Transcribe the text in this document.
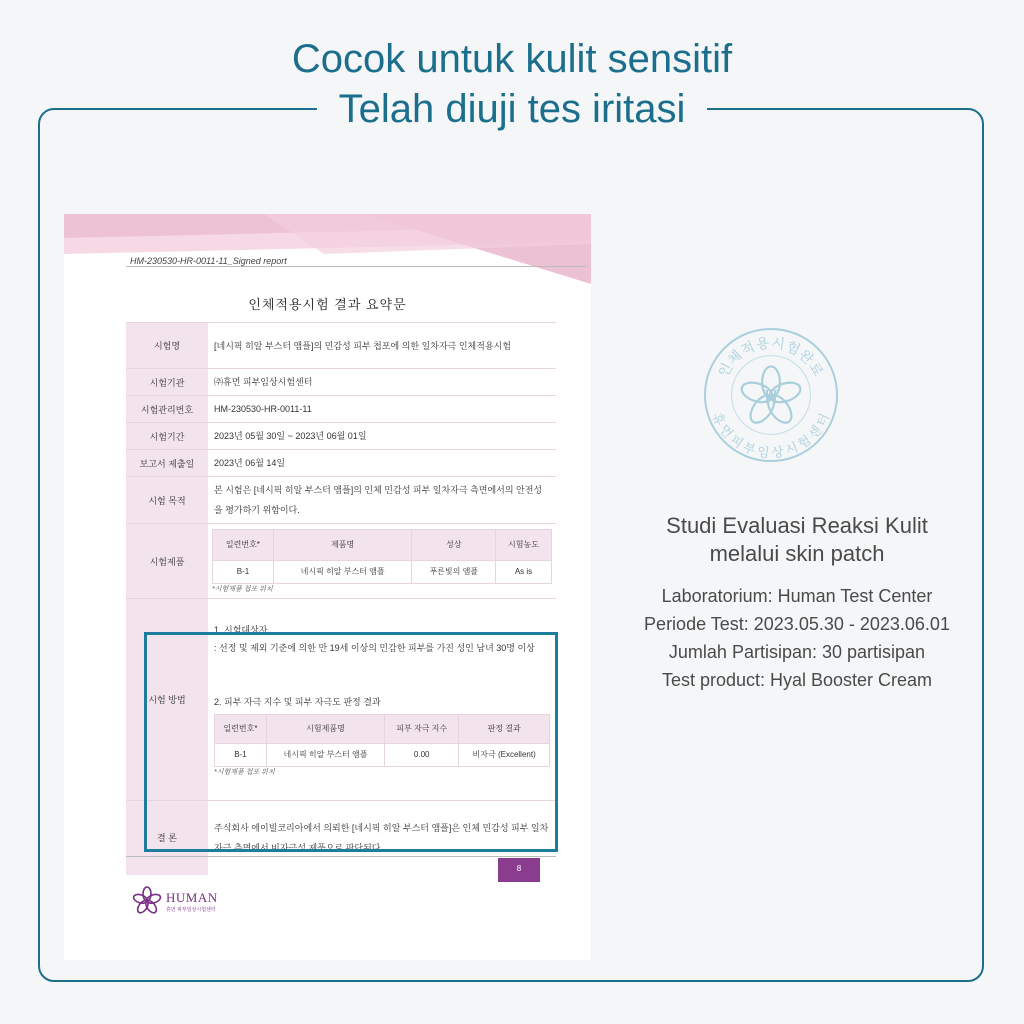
Cocok untuk kulit sensitif
Telah diuji tes iritasi
HM-230530-HR-0011-11_Signed report
인체적용시험 결과 요약문
시험명	[네시픽 히알 부스터 앰플]의 민감성 피부 첩포에 의한 일차자극 인체적용시험
시험기관	㈜휴먼 피부임상시험센터
시험관리번호	HM-230530-HR-0011-11
시험기간	2023년 05월 30일 ~ 2023년 06월 01일
보고서 제출일	2023년 06월 14일
시험 목적	본 시험은 [네시픽 히알 부스터 앰플]의 인체 민감성 피부 일차자극 측면에서의 안전성을 평가하기 위함이다.
시험제품	
일련번호*	제품명	성상	시험농도
B-1	네시픽 히알 부스터 앰플	푸른빛의 앰플	As is
*시험제품 첩포 위치

시험 방법	
1. 시험대상자
: 선정 및 제외 기준에 의한 만 19세 이상의 민감한 피부를 가진 성인 남녀 30명 이상
2. 피부 자극 지수 및 피부 자극도 판정 결과
일련번호*	시험제품명	피부 자극 지수	판정 결과
B-1	네시픽 히알 부스터 앰플	0.00	비자극 (Excellent)
*시험제품 첩포 위치

결 론	주식회사 에이빌코리아에서 의뢰한 [네시픽 히알 부스터 앰플]은 인체 민감성 피부 일차자극 측면에서 비자극성 제품으로 판단된다.
8
HUMAN
휴먼 피부임상시험센터
인체적용시험완료
휴먼피부임상시험센터
H
Studi Evaluasi Reaksi Kulit
melalui skin patch
Laboratorium: Human Test Center
Periode Test: 2023.05.30 - 2023.06.01
Jumlah Partisipan: 30 partisipan
Test product: Hyal Booster Cream
